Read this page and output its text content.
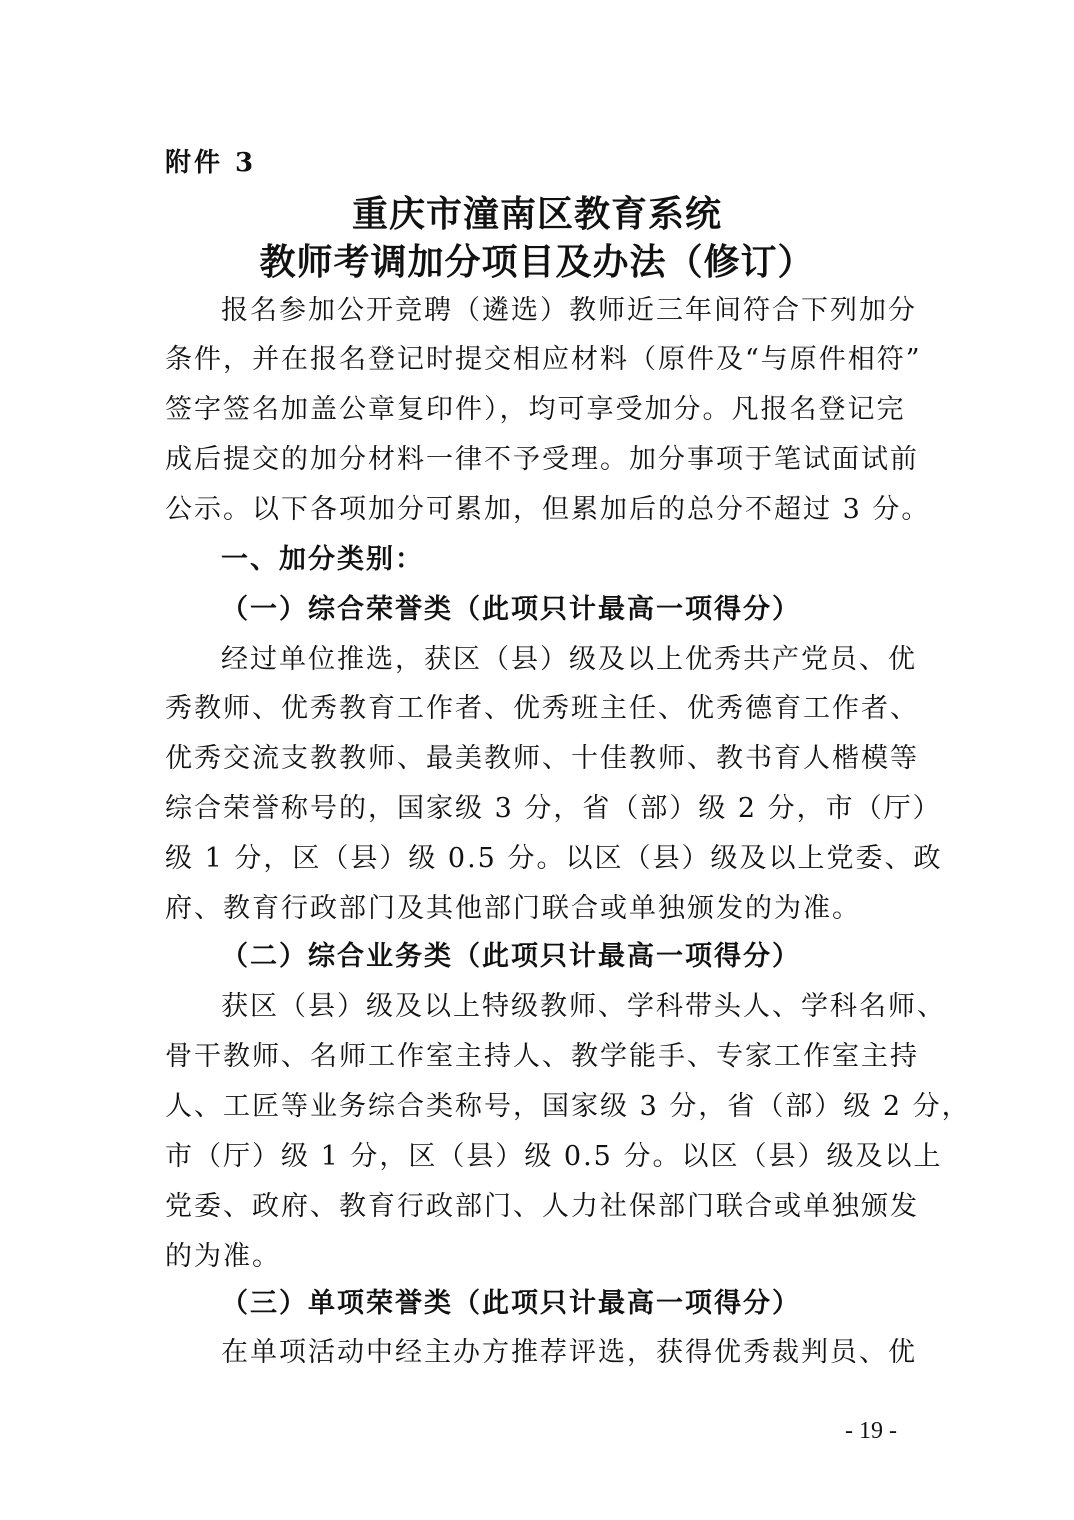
附件 3
重庆市潼南区教育系统
教师考调加分项目及办法（修订）
报名参加公开竞聘（遴选）教师近三年间符合下列加分
条件，并在报名登记时提交相应材料（原件及“与原件相符”
签字签名加盖公章复印件），均可享受加分。凡报名登记完
成后提交的加分材料一律不予受理。加分事项于笔试面试前
公示。以下各项加分可累加，但累加后的总分不超过 3 分。
一、加分类别：
（一）综合荣誉类（此项只计最高一项得分）
经过单位推选，获区（县）级及以上优秀共产党员、优
秀教师、优秀教育工作者、优秀班主任、优秀德育工作者、
优秀交流支教教师、最美教师、十佳教师、教书育人楷模等
综合荣誉称号的，国家级 3 分，省（部）级 2 分，市（厅）
级 1 分，区（县）级 0.5 分。以区（县）级及以上党委、政
府、教育行政部门及其他部门联合或单独颁发的为准。
（二）综合业务类（此项只计最高一项得分）
获区（县）级及以上特级教师、学科带头人、学科名师、
骨干教师、名师工作室主持人、教学能手、专家工作室主持
人、工匠等业务综合类称号，国家级 3 分，省（部）级 2 分，
市（厅）级 1 分，区（县）级 0.5 分。以区（县）级及以上
党委、政府、教育行政部门、人力社保部门联合或单独颁发
的为准。
（三）单项荣誉类（此项只计最高一项得分）
在单项活动中经主办方推荐评选，获得优秀裁判员、优
- 19 -
